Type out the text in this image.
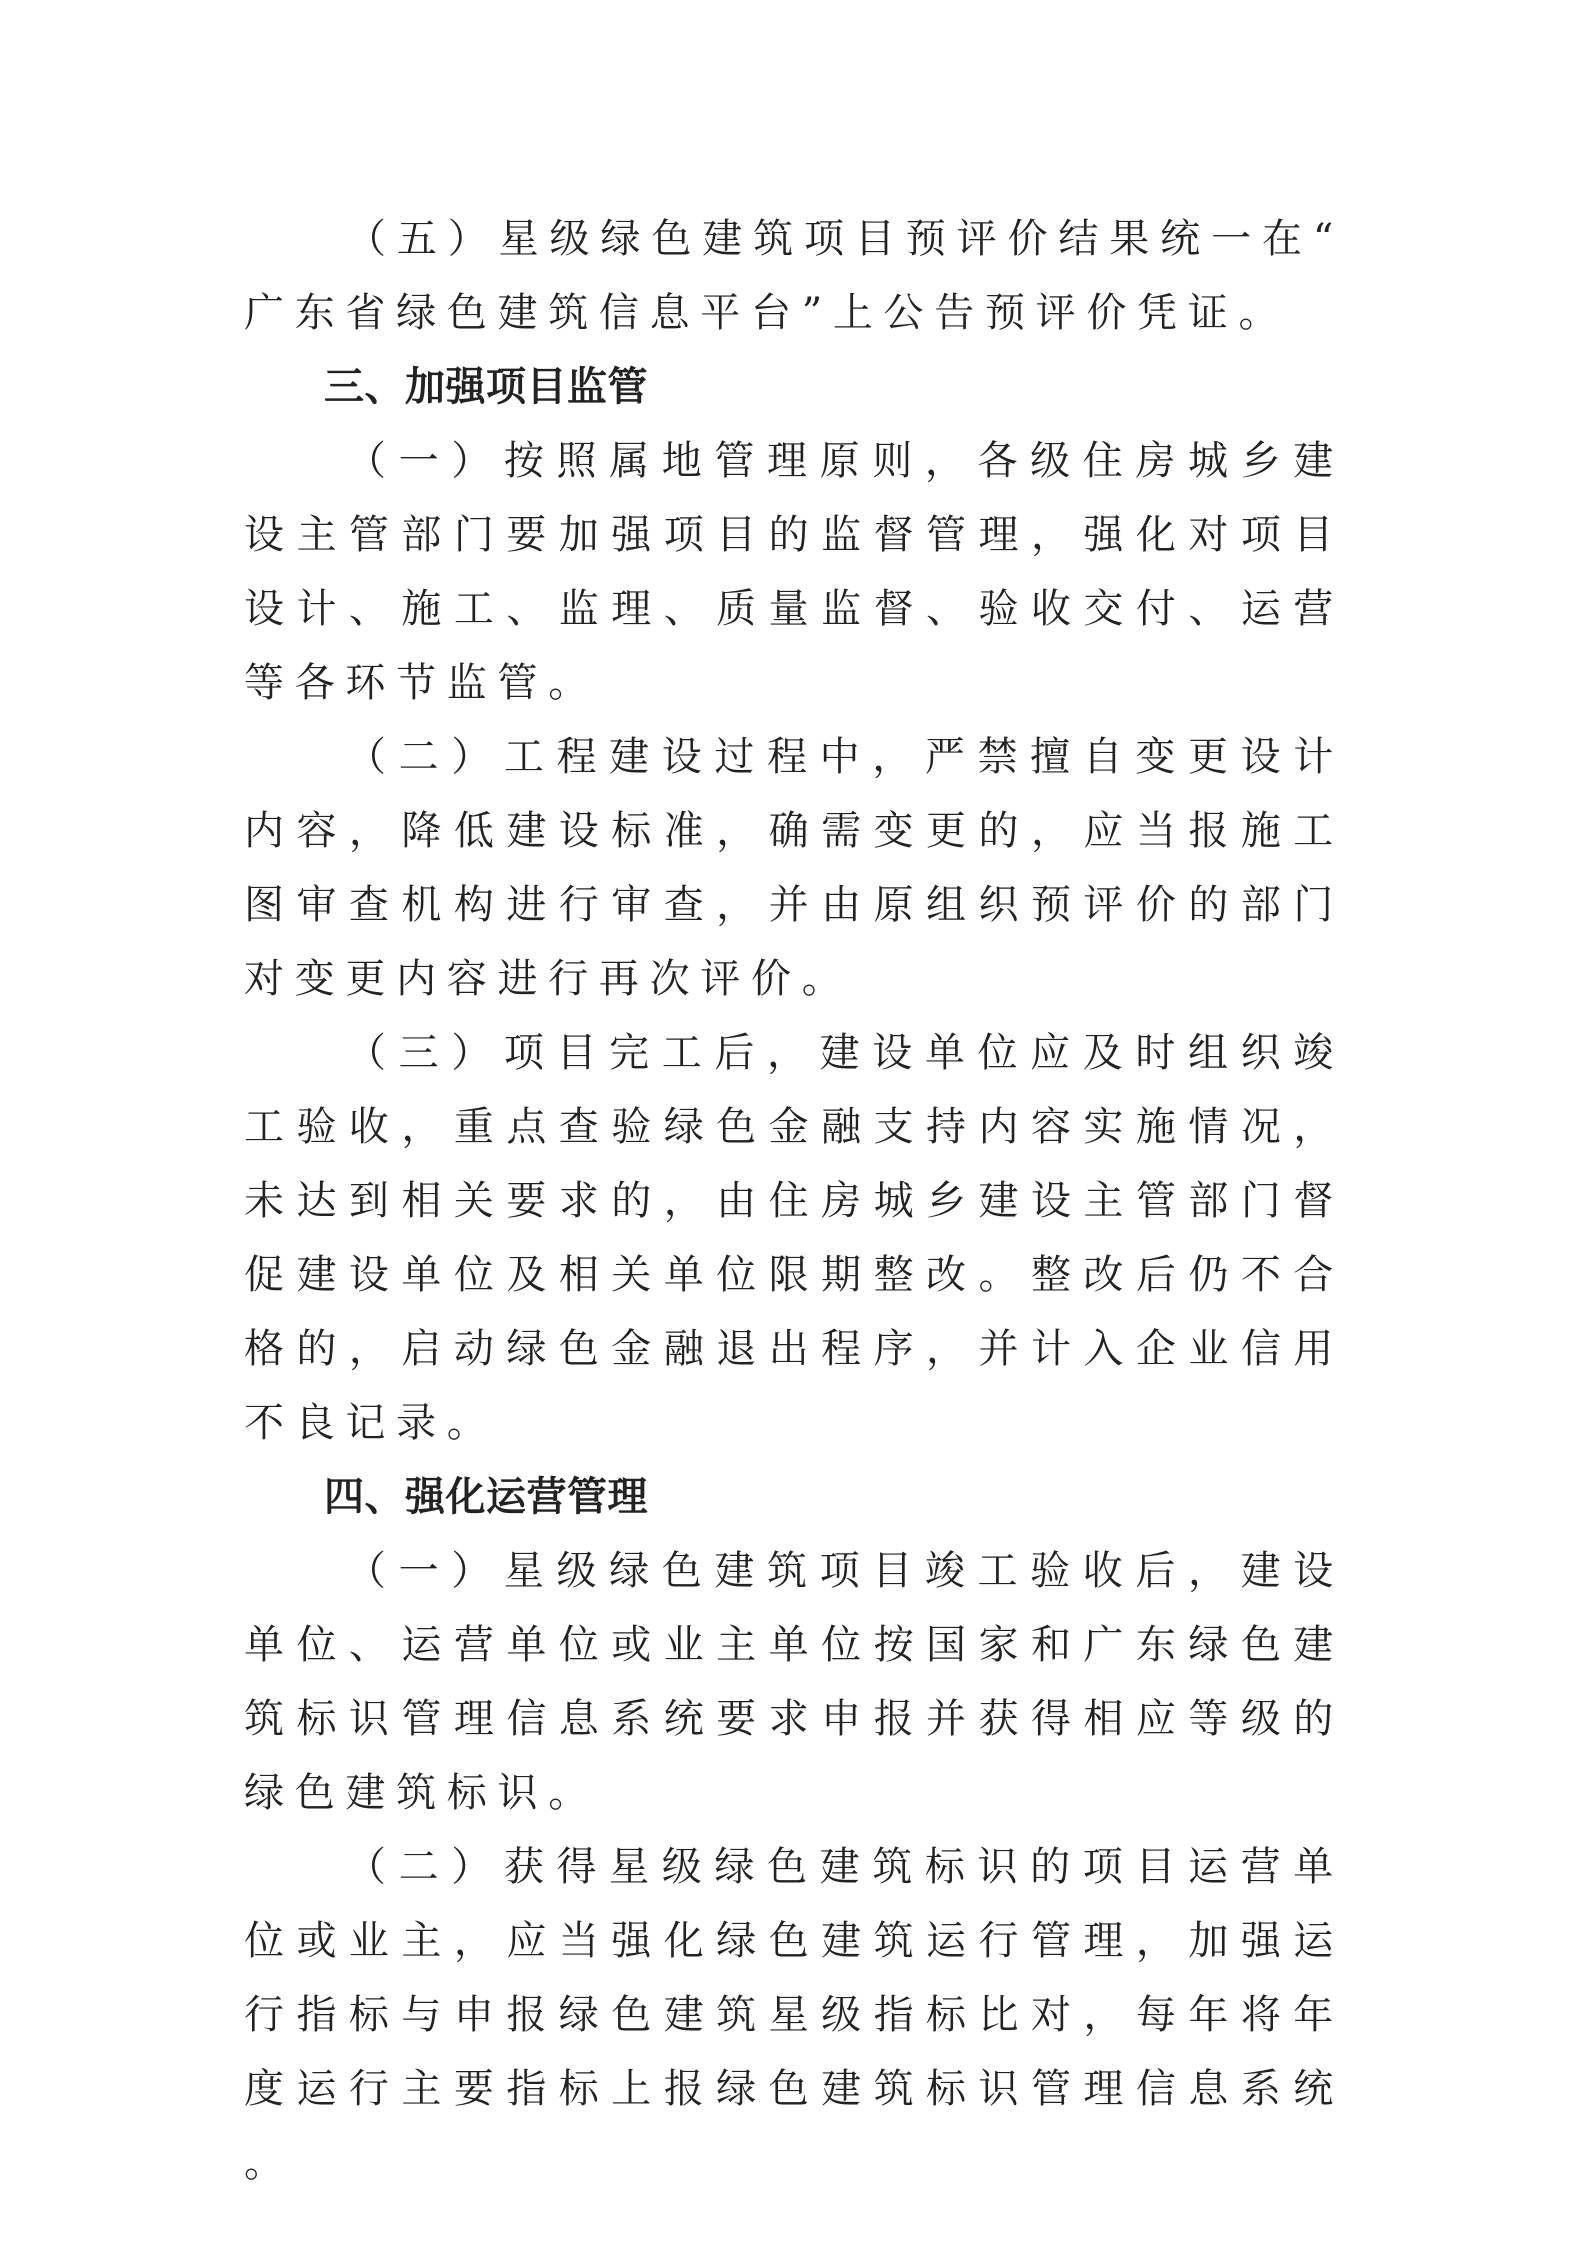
（五）星级绿色建筑项目预评价结果统一在“广东省绿色建筑信息平台”上公告预评价凭证。

三、加强项目监管

（一）按照属地管理原则，各级住房城乡建设主管部门要加强项目的监督管理，强化对项目设计、施工、监理、质量监督、验收交付、运营等各环节监管。

（二）工程建设过程中，严禁擅自变更设计内容，降低建设标准，确需变更的，应当报施工图审查机构进行审查，并由原组织预评价的部门对变更内容进行再次评价。

（三）项目完工后，建设单位应及时组织竣工验收，重点查验绿色金融支持内容实施情况，未达到相关要求的，由住房城乡建设主管部门督促建设单位及相关单位限期整改。整改后仍不合格的，启动绿色金融退出程序，并计入企业信用不良记录。

四、强化运营管理

（一）星级绿色建筑项目竣工验收后，建设单位、运营单位或业主单位按国家和广东绿色建筑标识管理信息系统要求申报并获得相应等级的绿色建筑标识。

（二）获得星级绿色建筑标识的项目运营单位或业主，应当强化绿色建筑运行管理，加强运行指标与申报绿色建筑星级指标比对，每年将年度运行主要指标上报绿色建筑标识管理信息系统。
